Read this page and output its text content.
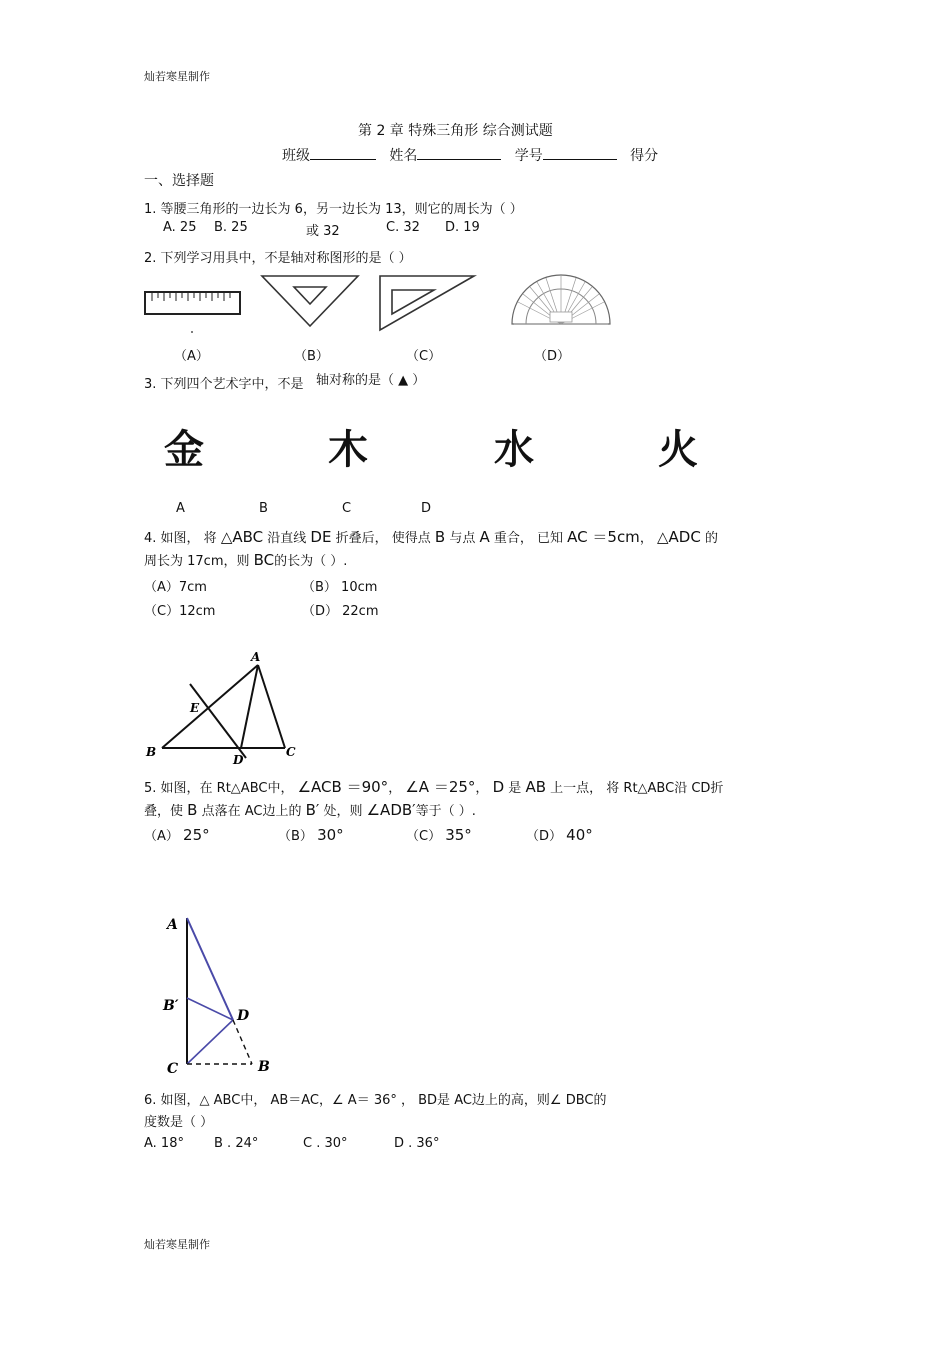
灿若寒星制作
灿若寒星制作
第 2 章 特殊三角形 综合测试题
班级	姓名	学号	得分
一、选择题
1. 等腰三角形的一边长为 6，另一边长为 13，则它的周长为（ ）
A. 25 B. 25	或 32	C. 32 D. 19
2. 下列学习用具中，不是轴对称图形的是（ ）
（A）	（B）	（C）	（D）
3. 下列四个艺术字中，不是 轴对称的是（ ▲ ）
金	木	水	火
A	B	C	D
4. 如图， 将 △ABC 沿直线 DE 折叠后， 使得点 B 与点 A 重合， 已知 AC ＝5cm， △ADC 的
周长为 17cm，则 BC的长为（ ）.
（A）7cm	（B） 10cm
（C）12cm	（D） 22cm
A
E
B
D
C
5. 如图，在 Rt△ABC中， ∠ACB ＝90°， ∠A ＝25°， D 是 AB 上一点， 将 Rt△ABC沿 CD折
叠，使 B 点落在 AC边上的 B′ 处，则 ∠ADB′等于（ ）.
（A） 25°	（B） 30°	（C） 35°	（D） 40°
A
B′
D
C	B
6. 如图，△ ABC中， AB＝AC，∠ A＝ 36° ， BD是 AC边上的高，则∠ DBC的
度数是（ ）
A. 18° B . 24°	C . 30°	D . 36°
